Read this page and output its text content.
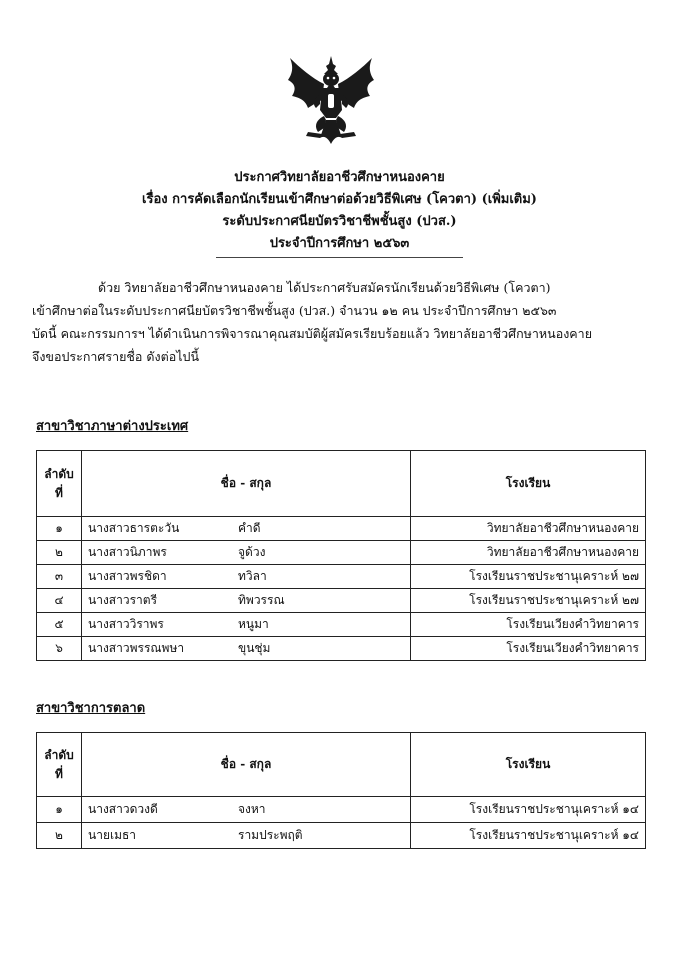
ประกาศวิทยาลัยอาชีวศึกษาหนองคาย
เรื่อง การคัดเลือกนักเรียนเข้าศึกษาต่อด้วยวิธีพิเศษ (โควตา) (เพิ่มเติม)
ระดับประกาศนียบัตรวิชาชีพชั้นสูง (ปวส.)
ประจำปีการศึกษา ๒๕๖๓
ด้วย วิทยาลัยอาชีวศึกษาหนองคาย ได้ประกาศรับสมัครนักเรียนด้วยวิธีพิเศษ (โควตา)
เข้าศึกษาต่อในระดับประกาศนียบัตรวิชาชีพชั้นสูง (ปวส.) จำนวน ๑๒ คน ประจำปีการศึกษา ๒๕๖๓
บัดนี้ คณะกรรมการฯ ได้ดำเนินการพิจารณาคุณสมบัติผู้สมัครเรียบร้อยแล้ว วิทยาลัยอาชีวศึกษาหนองคาย
จึงขอประกาศรายชื่อ ดังต่อไปนี้
สาขาวิชาภาษาต่างประเทศ
ลำดับ
ที่	ชื่อ - สกุล	โรงเรียน
๑	นางสาวธารตะวัน คำดี	วิทยาลัยอาชีวศึกษาหนองคาย
๒	นางสาวนิภาพร จูด้วง	วิทยาลัยอาชีวศึกษาหนองคาย
๓	นางสาวพรชิดา ทวิลา	โรงเรียนราชประชานุเคราะห์ ๒๗
๔	นางสาวราตรี ทิพวรรณ	โรงเรียนราชประชานุเคราะห์ ๒๗
๕	นางสาววิราพร หนูมา	โรงเรียนเวียงคำวิทยาคาร
๖	นางสาวพรรณพษา ขุนชุ่ม	โรงเรียนเวียงคำวิทยาคาร
สาขาวิชาการตลาด
ลำดับ
ที่	ชื่อ - สกุล	โรงเรียน
๑	นางสาวดวงดี จงหา	โรงเรียนราชประชานุเคราะห์ ๑๔
๒	นายเมธา รามประพฤติ	โรงเรียนราชประชานุเคราะห์ ๑๔
